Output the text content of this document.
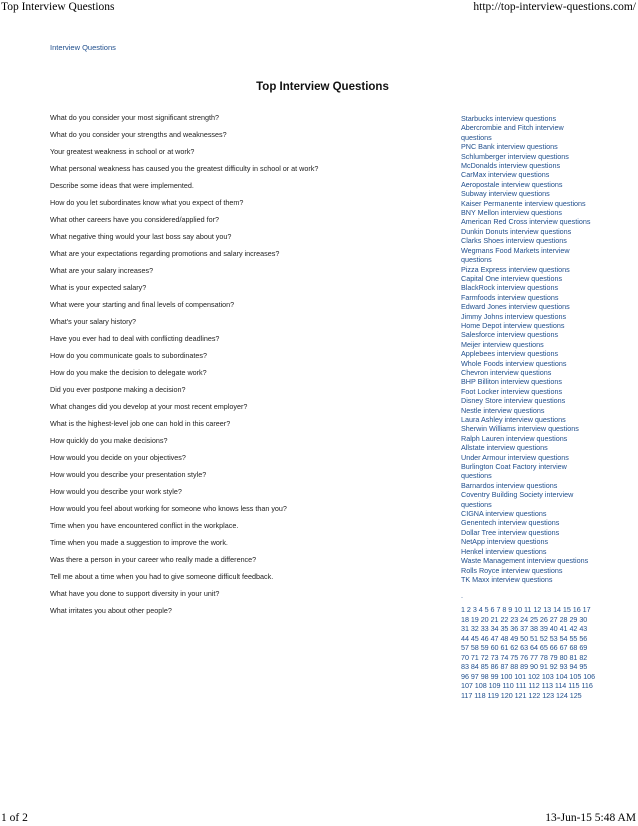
Top Interview Questions	http://top-interview-questions.com/
Interview Questions
Top Interview Questions
What do you consider your most significant strength?
What do you consider your strengths and weaknesses?
Your greatest weakness in school or at work?
What personal weakness has caused you the greatest difficulty in school or at work?
Describe some ideas that were implemented.
How do you let subordinates know what you expect of them?
What other careers have you considered/applied for?
What negative thing would your last boss say about you?
What are your expectations regarding promotions and salary increases?
What are your salary increases?
What is your expected salary?
What were your starting and final levels of compensation?
What's your salary history?
Have you ever had to deal with conflicting deadlines?
How do you communicate goals to subordinates?
How do you make the decision to delegate work?
Did you ever postpone making a decision?
What changes did you develop at your most recent employer?
What is the highest-level job one can hold in this career?
How quickly do you make decisions?
How would you decide on your objectives?
How would you describe your presentation style?
How would you describe your work style?
How would you feel about working for someone who knows less than you?
Time when you have encountered conflict in the workplace.
Time when you made a suggestion to improve the work.
Was there a person in your career who really made a difference?
Tell me about a time when you had to give someone difficult feedback.
What have you done to support diversity in your unit?
What irritates you about other people?
Starbucks interview questions
Abercrombie and Fitch interview questions
PNC Bank interview questions
Schlumberger interview questions
McDonalds interview questions
CarMax interview questions
Aeropostale interview questions
Subway interview questions
Kaiser Permanente interview questions
BNY Mellon interview questions
American Red Cross interview questions
Dunkin Donuts interview questions
Clarks Shoes interview questions
Wegmans Food Markets interview questions
Pizza Express interview questions
Capital One interview questions
BlackRock interview questions
Farmfoods interview questions
Edward Jones interview questions
Jimmy Johns interview questions
Home Depot interview questions
Salesforce interview questions
Meijer interview questions
Applebees interview questions
Whole Foods interview questions
Chevron interview questions
BHP Billiton interview questions
Foot Locker interview questions
Disney Store interview questions
Nestle interview questions
Laura Ashley interview questions
Sherwin Williams interview questions
Ralph Lauren interview questions
Allstate interview questions
Under Armour interview questions
Burlington Coat Factory interview questions
Barnardos interview questions
Coventry Building Society interview questions
CIGNA interview questions
Genentech interview questions
Dollar Tree interview questions
NetApp interview questions
Henkel interview questions
Waste Management interview questions
Rolls Royce interview questions
TK Maxx interview questions
.
1 2 3 4 5 6 7 8 9 10 11 12 13 14 15 16 17 18 19 20 21 22 23 24 25 26 27 28 29 30 31 32 33 34 35 36 37 38 39 40 41 42 43 44 45 46 47 48 49 50 51 52 53 54 55 56 57 58 59 60 61 62 63 64 65 66 67 68 69 70 71 72 73 74 75 76 77 78 79 80 81 82 83 84 85 86 87 88 89 90 91 92 93 94 95 96 97 98 99 100 101 102 103 104 105 106 107 108 109 110 111 112 113 114 115 116 117 118 119 120 121 122 123 124 125
1 of 2	13-Jun-15 5:48 AM
